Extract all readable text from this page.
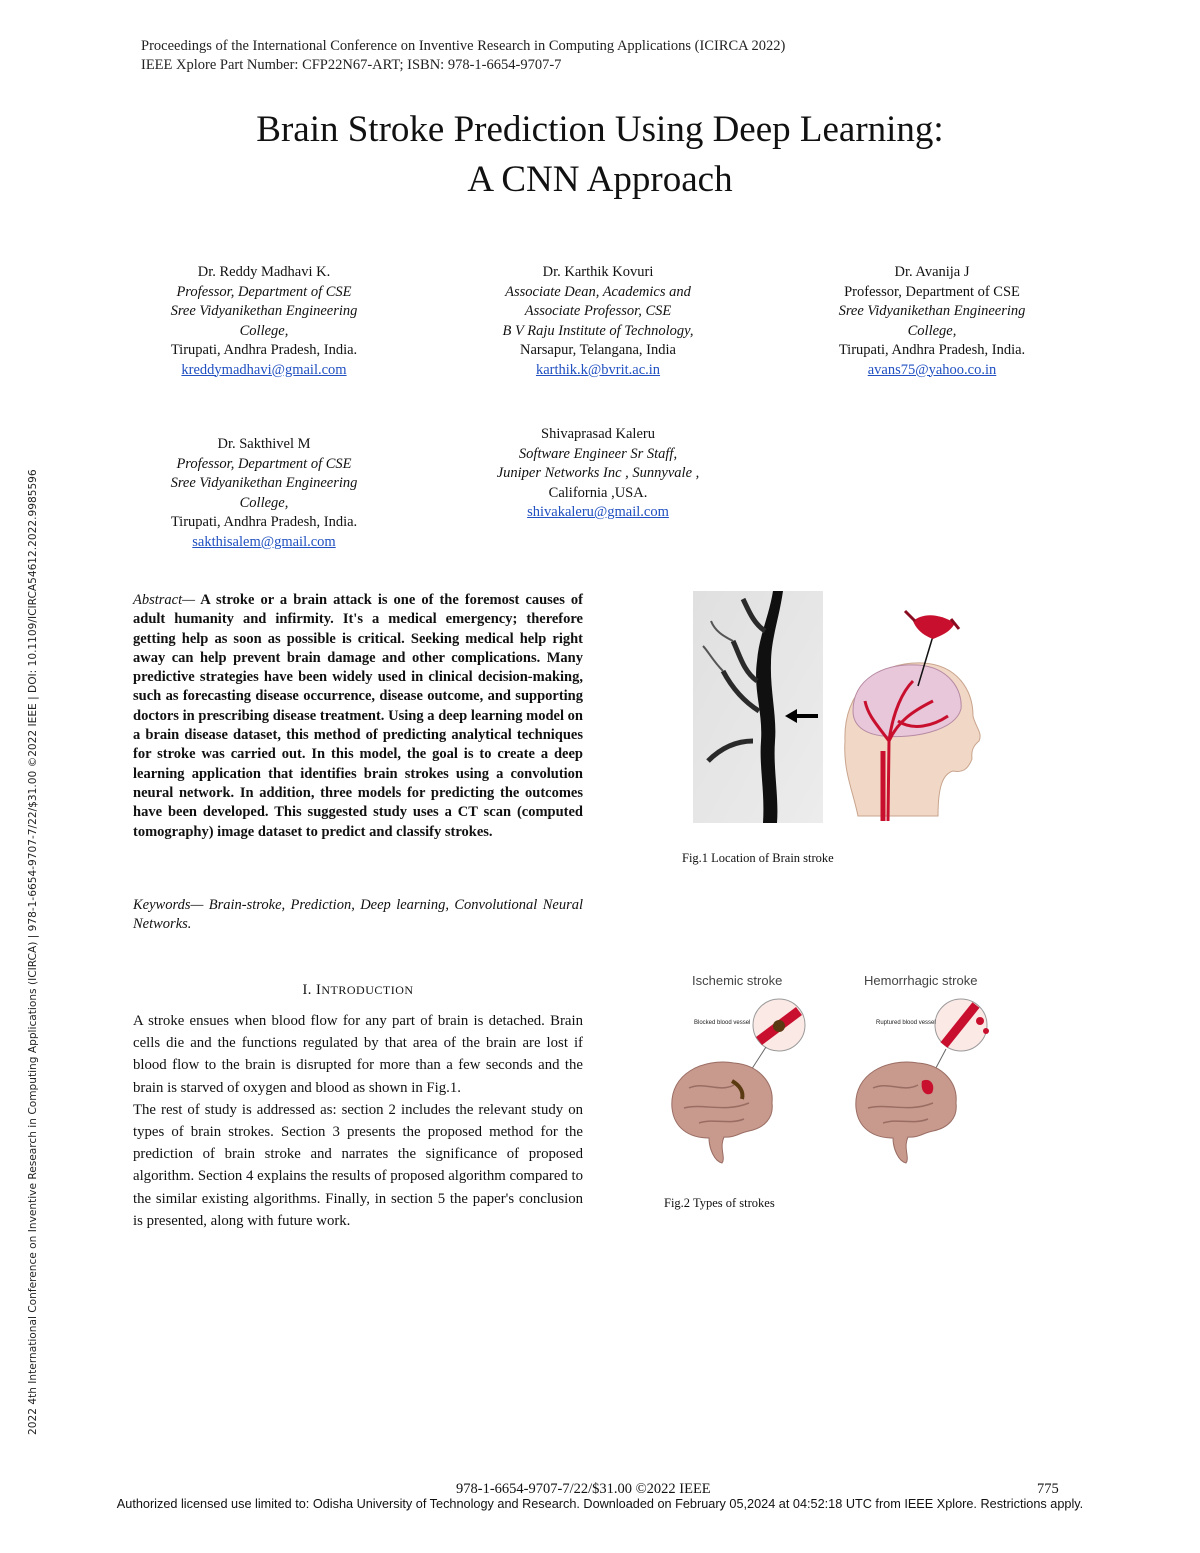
Proceedings of the International Conference on Inventive Research in Computing Applications (ICIRCA 2022)
IEEE Xplore Part Number: CFP22N67-ART; ISBN: 978-1-6654-9707-7
Brain Stroke Prediction Using Deep Learning:
A CNN Approach
Dr. Reddy Madhavi K.
Professor, Department of CSE
Sree Vidyanikethan Engineering
College,
Tirupati, Andhra Pradesh, India.
kreddymadhavi@gmail.com
Dr. Karthik Kovuri
Associate Dean, Academics and
Associate Professor, CSE
B V Raju Institute of Technology,
Narsapur, Telangana, India
karthik.k@bvrit.ac.in
Dr. Avanija J
Professor, Department of CSE
Sree Vidyanikethan Engineering
College,
Tirupati, Andhra Pradesh, India.
avans75@yahoo.co.in
Dr. Sakthivel M
Professor, Department of CSE
Sree Vidyanikethan Engineering
College,
Tirupati, Andhra Pradesh, India.
sakthisalem@gmail.com
Shivaprasad Kaleru
Software Engineer Sr Staff,
Juniper Networks Inc , Sunnyvale ,
California ,USA.
shivakaleru@gmail.com
Abstract— A stroke or a brain attack is one of the foremost causes of adult humanity and infirmity. It's a medical emergency; therefore getting help as soon as possible is critical. Seeking medical help right away can help prevent brain damage and other complications. Many predictive strategies have been widely used in clinical decision-making, such as forecasting disease occurrence, disease outcome, and supporting doctors in prescribing disease treatment. Using a deep learning model on a brain disease dataset, this method of predicting analytical techniques for stroke was carried out. In this model, the goal is to create a deep learning application that identifies brain strokes using a convolution neural network. In addition, three models for predicting the outcomes have been developed. This suggested study uses a CT scan (computed tomography) image dataset to predict and classify strokes.
Keywords— Brain-stroke, Prediction, Deep learning, Convolutional Neural Networks.
I. INTRODUCTION

A stroke ensues when blood flow for any part of brain is detached. Brain cells die and the functions regulated by that area of the brain are lost if blood flow to the brain is disrupted for more than a few seconds and the brain is starved of oxygen and blood as shown in Fig.1.

The rest of study is addressed as: section 2 includes the relevant study on types of brain strokes. Section 3 presents the proposed method for the prediction of brain stroke and narrates the significance of proposed algorithm. Section 4 explains the results of proposed algorithm compared to the similar existing algorithms. Finally, in section 5 the paper's conclusion is presented, along with future work.

Fig.1 Location of Brain stroke
Ischemic stroke	Hemorrhagic stroke
Blocked blood vessel	Ruptured blood vessel
Fig.2 Types of strokes
2022 4th International Conference on Inventive Research in Computing Applications (ICIRCA) | 978-1-6654-9707-7/22/$31.00 ©2022 IEEE | DOI: 10.1109/ICIRCA54612.2022.9985596
978-1-6654-9707-7/22/$31.00 ©2022 IEEE	775
Authorized licensed use limited to: Odisha University of Technology and Research. Downloaded on February 05,2024 at 04:52:18 UTC from IEEE Xplore. Restrictions apply.
